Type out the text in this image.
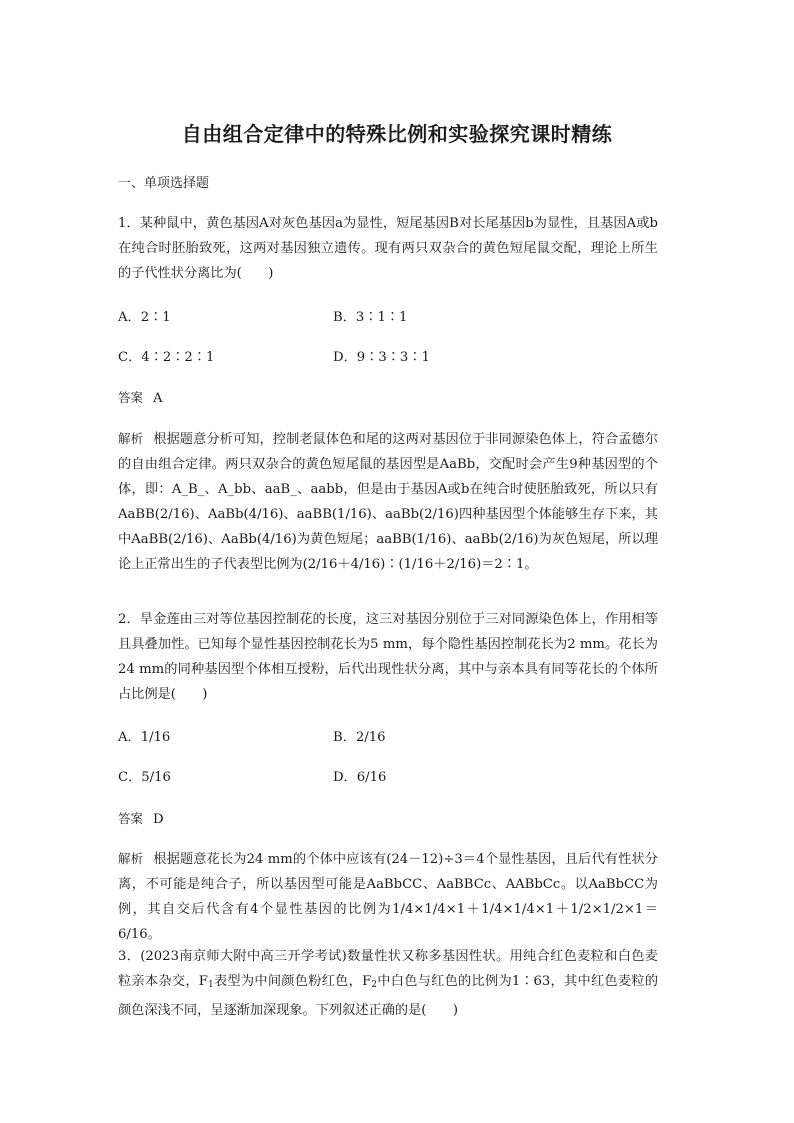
自由组合定律中的特殊比例和实验探究课时精练
一、单项选择题
1．某种鼠中，黄色基因A对灰色基因a为显性，短尾基因B对长尾基因b为显性，且基因A或b在纯合时胚胎致死，这两对基因独立遗传。现有两只双杂合的黄色短尾鼠交配，理论上所生的子代性状分离比为(　　)
A．2∶1	B．3∶1∶1
C．4∶2∶2∶1	D．9∶3∶3∶1
答案 A
解析 根据题意分析可知，控制老鼠体色和尾的这两对基因位于非同源染色体上，符合孟德尔的自由组合定律。两只双杂合的黄色短尾鼠的基因型是AaBb，交配时会产生9种基因型的个体，即：A_B_、A_bb、aaB_、aabb，但是由于基因A或b在纯合时使胚胎致死，所以只有AaBB(2/16)、AaBb(4/16)、aaBB(1/16)、aaBb(2/16)四种基因型个体能够生存下来，其中AaBB(2/16)、AaBb(4/16)为黄色短尾；aaBB(1/16)、aaBb(2/16)为灰色短尾，所以理论上正常出生的子代表型比例为(2/16＋4/16)∶(1/16＋2/16)＝2∶1。
2．旱金莲由三对等位基因控制花的长度，这三对基因分别位于三对同源染色体上，作用相等且具叠加性。已知每个显性基因控制花长为5 mm，每个隐性基因控制花长为2 mm。花长为24 mm的同种基因型个体相互授粉，后代出现性状分离，其中与亲本具有同等花长的个体所占比例是(　　)
A．1/16	B．2/16
C．5/16	D．6/16
答案 D
解析 根据题意花长为24 mm的个体中应该有(24－12)÷3＝4个显性基因，且后代有性状分离，不可能是纯合子，所以基因型可能是AaBbCC、AaBBCc、AABbCc。以AaBbCC为例，其自交后代含有4个显性基因的比例为1/4×1/4×1＋1/4×1/4×1＋1/2×1/2×1＝6/16。
3．(2023南京师大附中高三开学考试)数量性状又称多基因性状。用纯合红色麦粒和白色麦粒亲本杂交，$F_1$表型为中间颜色粉红色，$F_2$中白色与红色的比例为1∶63，其中红色麦粒的颜色深浅不同，呈逐渐加深现象。下列叙述正确的是(　　)
